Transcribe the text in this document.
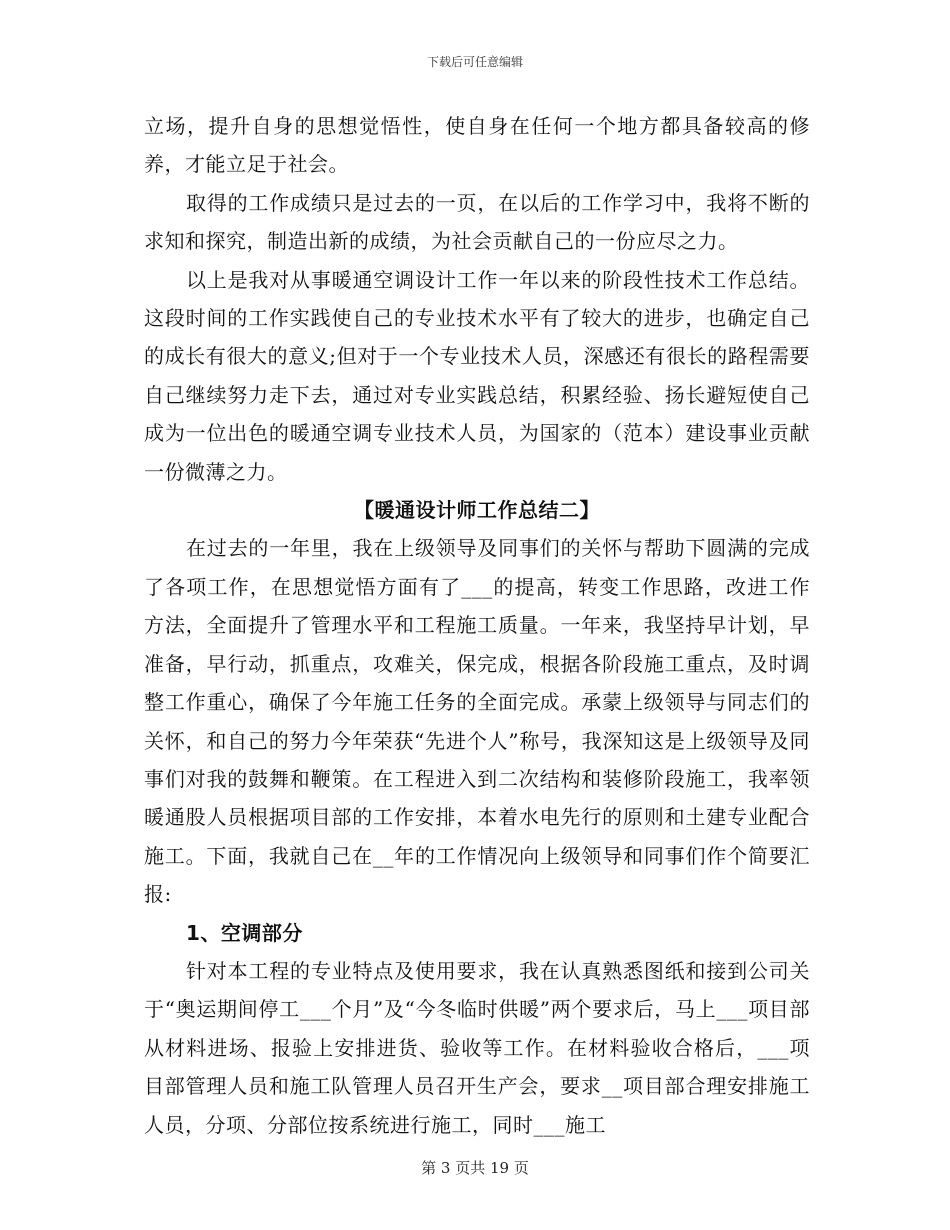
下载后可任意编辑

立场，提升自身的思想觉悟性，使自身在任何一个地方都具备较高的修养，才能立足于社会。

取得的工作成绩只是过去的一页，在以后的工作学习中，我将不断的求知和探究，制造出新的成绩，为社会贡献自己的一份应尽之力。

以上是我对从事暖通空调设计工作一年以来的阶段性技术工作总结。这段时间的工作实践使自己的专业技术水平有了较大的进步，也确定自己的成长有很大的意义;但对于一个专业技术人员，深感还有很长的路程需要自己继续努力走下去，通过对专业实践总结，积累经验、扬长避短使自己成为一位出色的暖通空调专业技术人员，为国家的（范本）建设事业贡献一份微薄之力。

【暖通设计师工作总结二】

在过去的一年里，我在上级领导及同事们的关怀与帮助下圆满的完成了各项工作，在思想觉悟方面有了___的提高，转变工作思路，改进工作方法，全面提升了管理水平和工程施工质量。一年来，我坚持早计划，早准备，早行动，抓重点，攻难关，保完成，根据各阶段施工重点，及时调整工作重心，确保了今年施工任务的全面完成。承蒙上级领导与同志们的关怀，和自己的努力今年荣获“先进个人”称号，我深知这是上级领导及同事们对我的鼓舞和鞭策。在工程进入到二次结构和装修阶段施工，我率领暖通股人员根据项目部的工作安排，本着水电先行的原则和土建专业配合施工。下面，我就自己在__年的工作情况向上级领导和同事们作个简要汇报:

1、空调部分

针对本工程的专业特点及使用要求，我在认真熟悉图纸和接到公司关于“奥运期间停工___个月”及“今冬临时供暖”两个要求后，马上___项目部从材料进场、报验上安排进货、验收等工作。在材料验收合格后，___项目部管理人员和施工队管理人员召开生产会，要求__项目部合理安排施工人员，分项、分部位按系统进行施工，同时___施工

第 3 页共 19 页
